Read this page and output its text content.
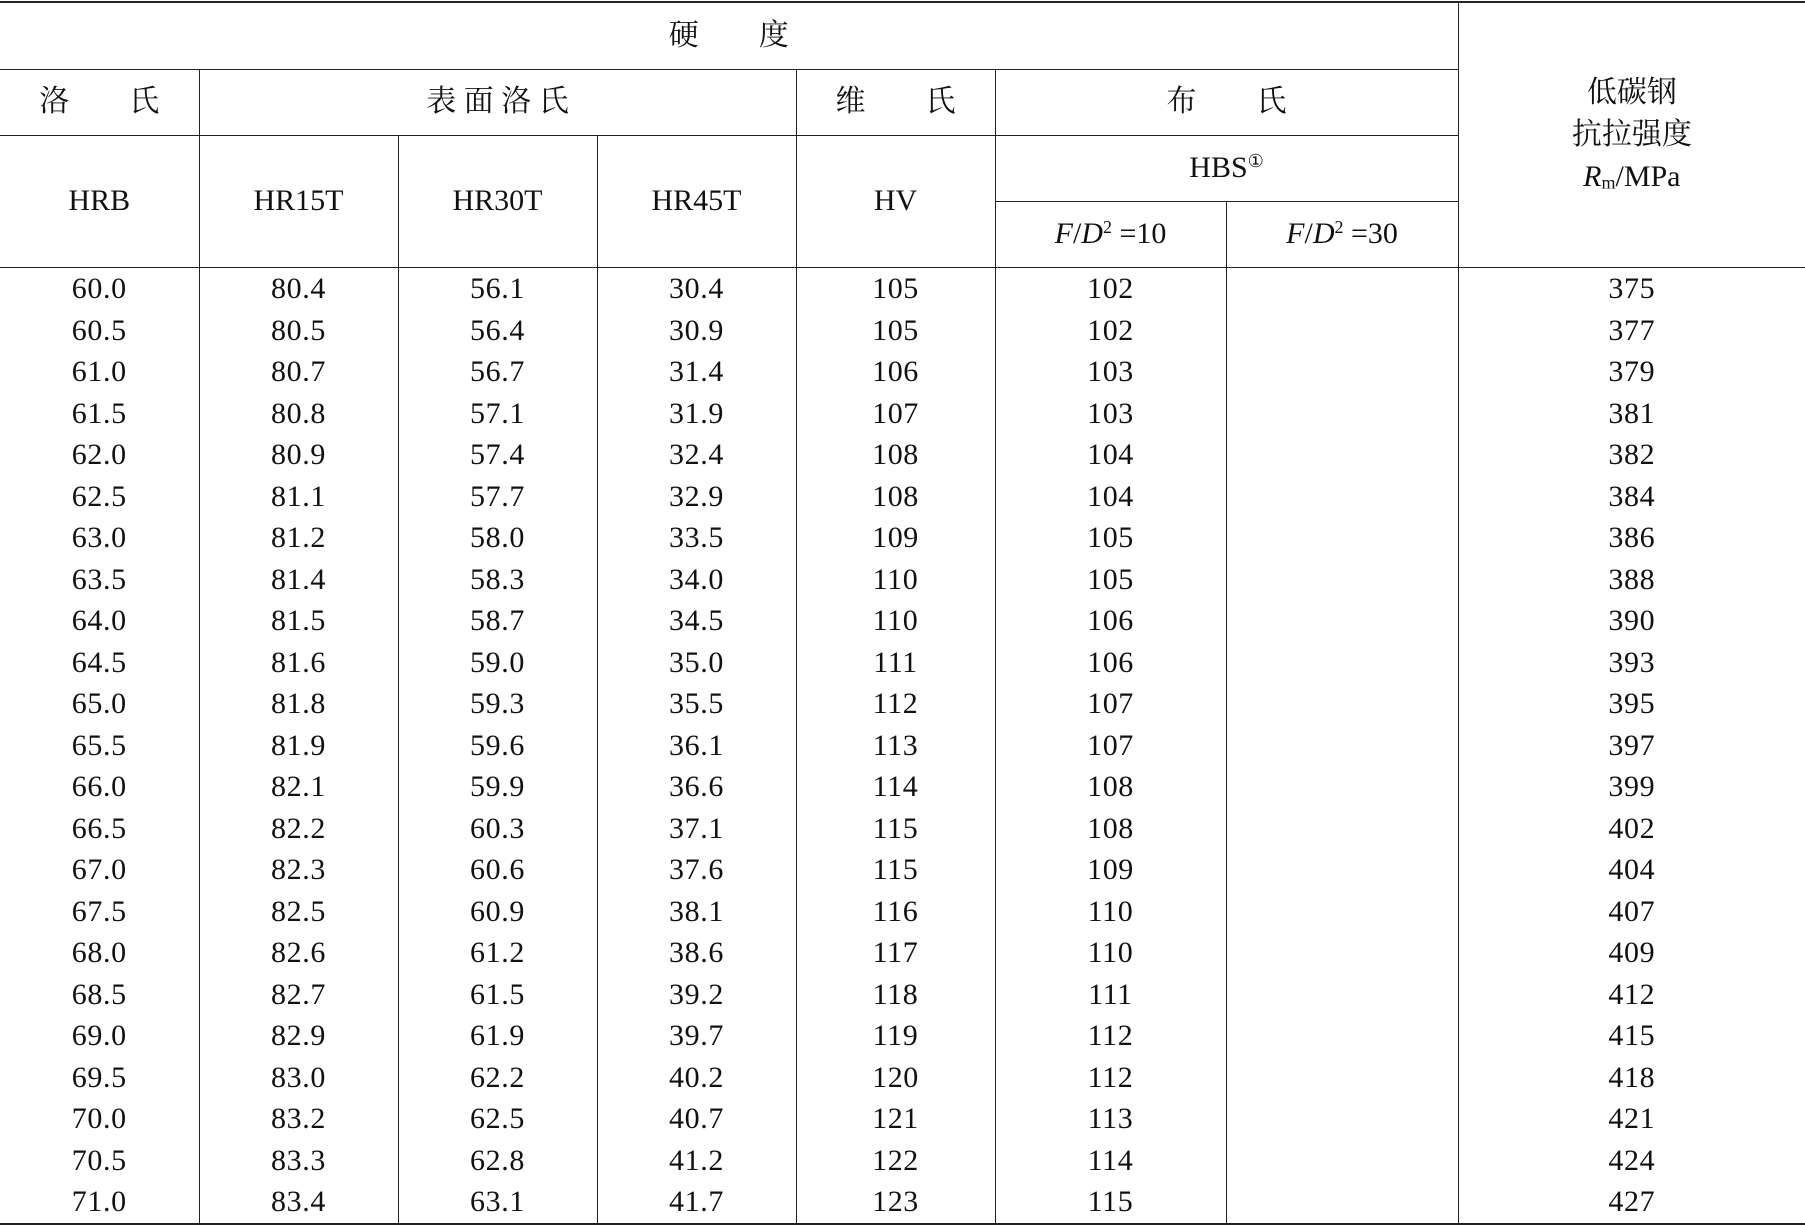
硬　　度							低碳钢
抗拉强度
$R_m$/MPa

洛　　氏	表 面 洛 氏			维　　氏	布　　氏		
HRB	HR15T	HR30T	HR45T	HV	HBS①
					$F/D^2 =10$	$F/D^2 =30$	
60.0	80.4	56.1	30.4	105	102		375
60.5	80.5	56.4	30.9	105	102		377
61.0	80.7	56.7	31.4	106	103		379
61.5	80.8	57.1	31.9	107	103		381
62.0	80.9	57.4	32.4	108	104		382
62.5	81.1	57.7	32.9	108	104		384
63.0	81.2	58.0	33.5	109	105		386
63.5	81.4	58.3	34.0	110	105		388
64.0	81.5	58.7	34.5	110	106		390
64.5	81.6	59.0	35.0	111	106		393
65.0	81.8	59.3	35.5	112	107		395
65.5	81.9	59.6	36.1	113	107		397
66.0	82.1	59.9	36.6	114	108		399
66.5	82.2	60.3	37.1	115	108		402
67.0	82.3	60.6	37.6	115	109		404
67.5	82.5	60.9	38.1	116	110		407
68.0	82.6	61.2	38.6	117	110		409
68.5	82.7	61.5	39.2	118	111		412
69.0	82.9	61.9	39.7	119	112		415
69.5	83.0	62.2	40.2	120	112		418
70.0	83.2	62.5	40.7	121	113		421
70.5	83.3	62.8	41.2	122	114		424
71.0	83.4	63.1	41.7	123	115		427
